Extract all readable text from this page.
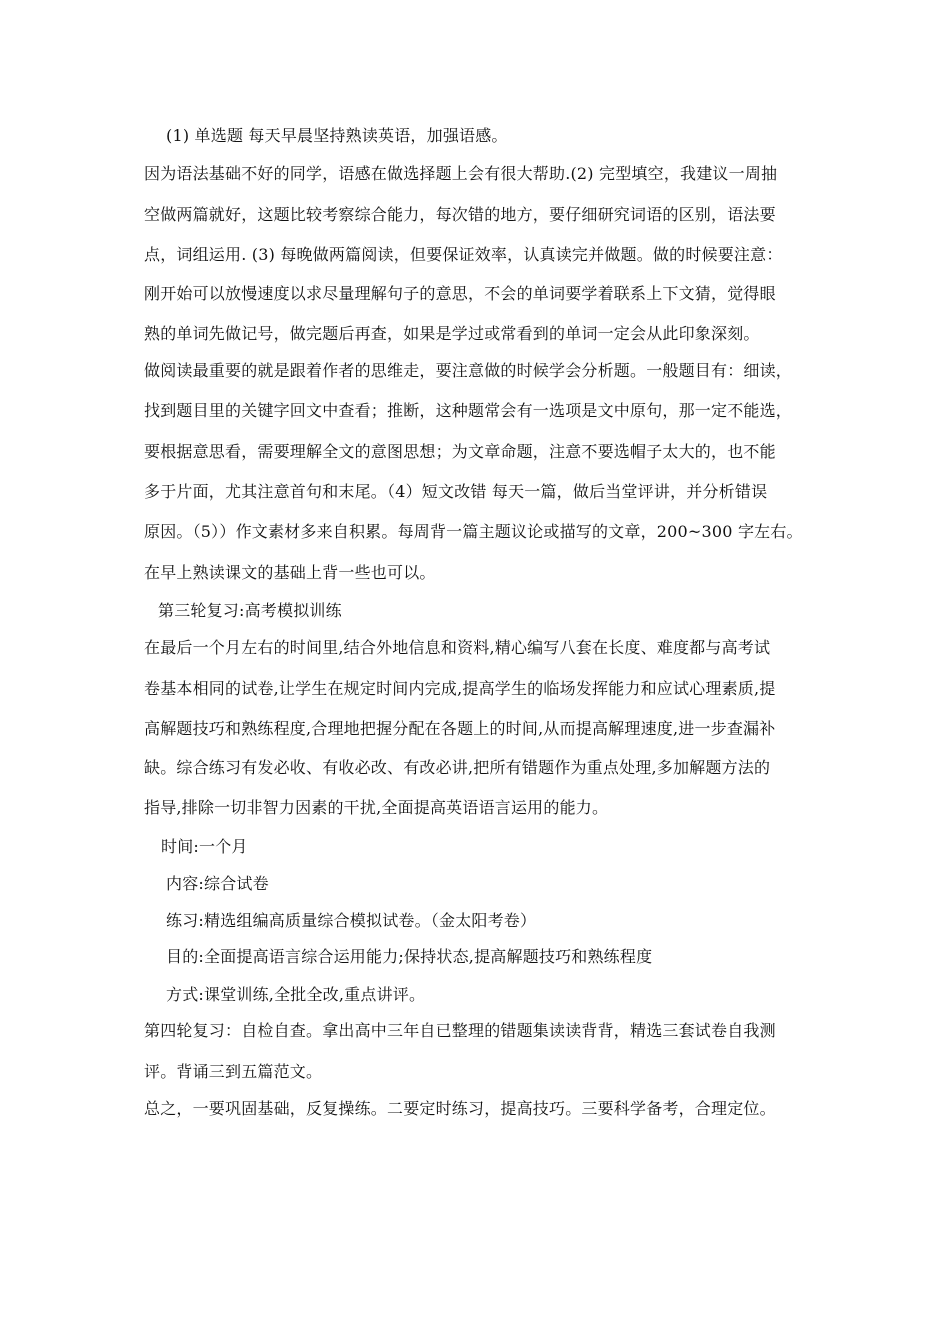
(1) 单选题 每天早晨坚持熟读英语，加强语感。
因为语法基础不好的同学，语感在做选择题上会有很大帮助.(2) 完型填空，我建议一周抽
空做两篇就好，这题比较考察综合能力，每次错的地方，要仔细研究词语的区别，语法要
点，词组运用. (3) 每晚做两篇阅读，但要保证效率，认真读完并做题。做的时候要注意：
刚开始可以放慢速度以求尽量理解句子的意思，不会的单词要学着联系上下文猜，觉得眼
熟的单词先做记号，做完题后再查，如果是学过或常看到的单词一定会从此印象深刻。
做阅读最重要的就是跟着作者的思维走，要注意做的时候学会分析题。一般题目有：细读，
找到题目里的关键字回文中查看；推断，这种题常会有一选项是文中原句，那一定不能选，
要根据意思看，需要理解全文的意图思想；为文章命题，注意不要选帽子太大的，也不能
多于片面，尤其注意首句和末尾。（4）短文改错 每天一篇，做后当堂评讲，并分析错误
原因。（5））作文素材多来自积累。每周背一篇主题议论或描写的文章，200~300 字左右。
在早上熟读课文的基础上背一些也可以。
第三轮复习:高考模拟训练
在最后一个月左右的时间里,结合外地信息和资料,精心编写八套在长度、难度都与高考试
卷基本相同的试卷,让学生在规定时间内完成,提高学生的临场发挥能力和应试心理素质,提
高解题技巧和熟练程度,合理地把握分配在各题上的时间,从而提高解理速度,进一步查漏补
缺。综合练习有发必收、有收必改、有改必讲,把所有错题作为重点处理,多加解题方法的
指导,排除一切非智力因素的干扰,全面提高英语语言运用的能力。
时间:一个月
内容:综合试卷
练习:精选组编高质量综合模拟试卷。（金太阳考卷）
目的:全面提高语言综合运用能力;保持状态,提高解题技巧和熟练程度
方式:课堂训练,全批全改,重点讲评。
第四轮复习：自检自查。拿出高中三年自已整理的错题集读读背背，精选三套试卷自我测
评。背诵三到五篇范文。
总之，一要巩固基础，反复操练。二要定时练习，提高技巧。三要科学备考，合理定位。
